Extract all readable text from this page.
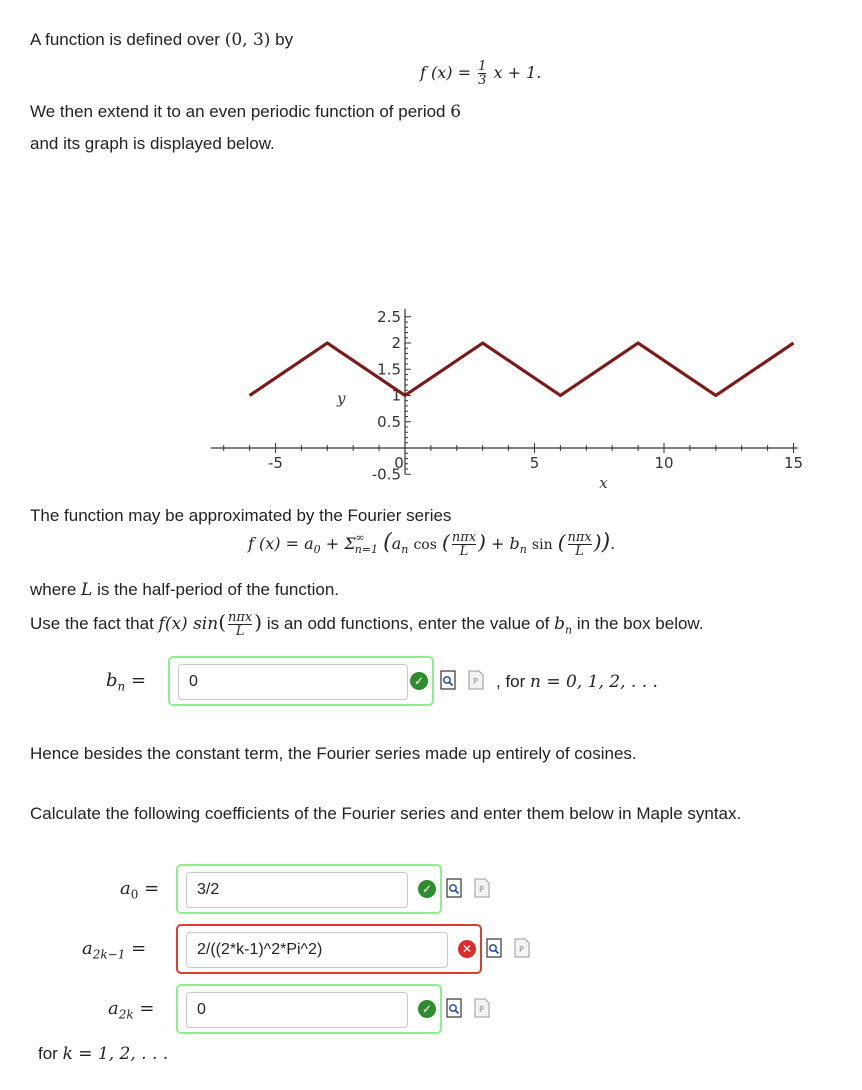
A function is defined over (0, 3) by
f $(x) = \frac{1}{3}$ x + 1.
We then extend it to an even periodic function of period 6
and its graph is displayed below.
-5	0	5	10	15
2.5
2
1.5
1
0.5
-0.5
y
x
The function may be approximated by the Fourier series
f $(x) = a_0 + \Sigma^\infty_{n=1}$ ($a_n$ cos ( $\frac{\text{nπx}}{L}$ ) + $b_n$ sin ( $\frac{\text{nπx}}{L}$ )).
where L is the half-period of the function.
Use the fact that f(x) $\sin( \frac{\text{nπx}}{L}$ ) is an odd functions, enter the value of $b_n$ in the box below.
$b_n$ =	0	✓	P , for n = 0, 1, 2, . . .
Hence besides the constant term, the Fourier series made up entirely of cosines.
Calculate the following coefficients of the Fourier series and enter them below in Maple syntax.
$a_0$ =	3/2	✓	P
$a_{2k-1}$ =	2/((2*k-1)^2*Pi^2)	✕	P
$a_{2k}$ =	0	✓	P
for k = 1, 2, . . .
